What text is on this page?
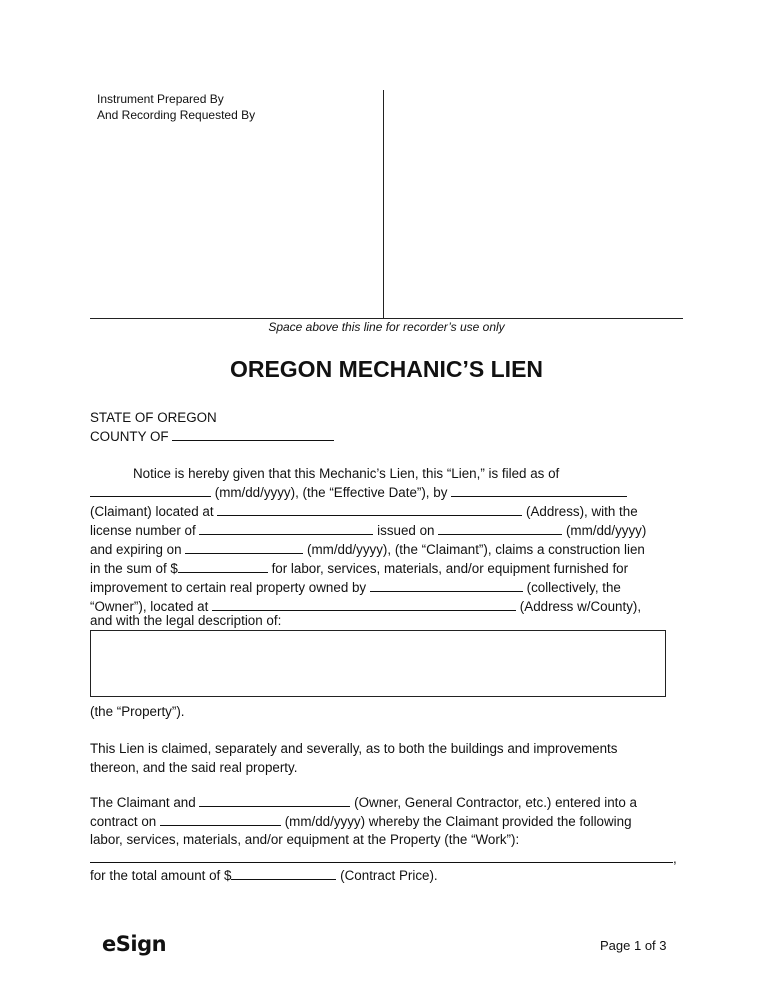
Instrument Prepared By
And Recording Requested By
Space above this line for recorder’s use only
OREGON MECHANIC’S LIEN
STATE OF OREGON
COUNTY OF
Notice is hereby given that this Mechanic’s Lien, this “Lien,” is filed as of
(mm/dd/yyyy), (the “Effective Date”), by
(Claimant) located at	(Address), with the
license number of	issued on	(mm/dd/yyyy)
and expiring on	(mm/dd/yyyy), (the “Claimant”), claims a construction lien
in the sum of $	for labor, services, materials, and/or equipment furnished for
improvement to certain real property owned by	(collectively, the
“Owner”), located at	(Address w/County),
and with the legal description of:
(the “Property”).
This Lien is claimed, separately and severally, as to both the buildings and improvements
thereon, and the said real property.
The Claimant and	(Owner, General Contractor, etc.) entered into a
contract on	(mm/dd/yyyy) whereby the Claimant provided the following
labor, services, materials, and/or equipment at the Property (the “Work”):
,
for the total amount of $	(Contract Price).
eSign	Page 1 of 3
